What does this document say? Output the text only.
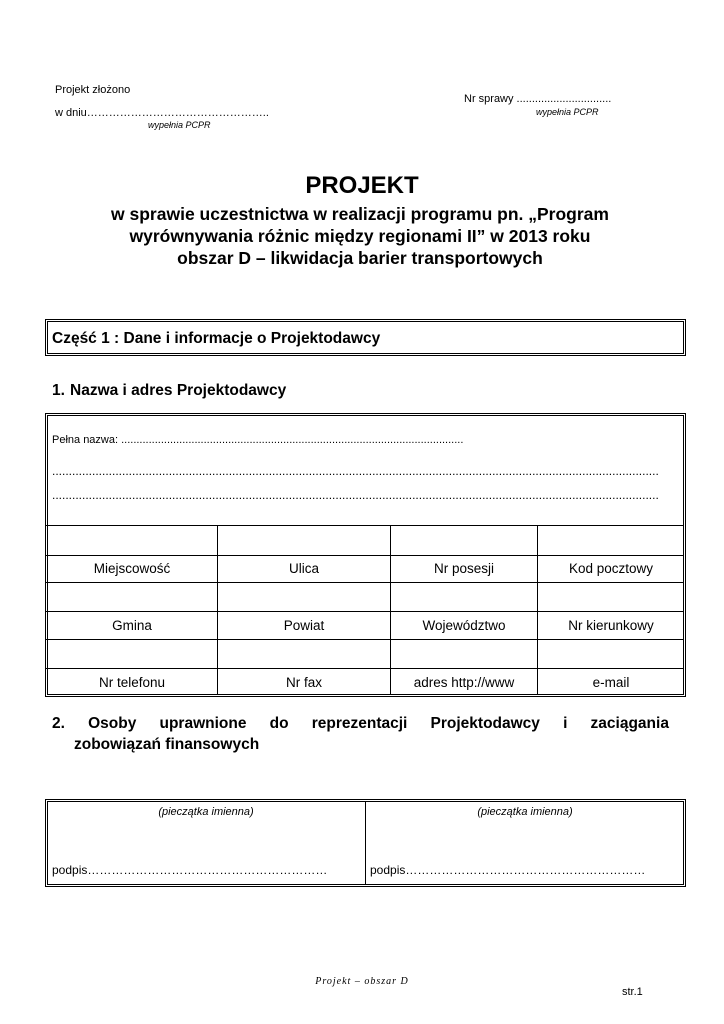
Projekt złożono
w dniu…………………………………………..
wypełnia PCPR
Nr sprawy ...............................
wypełnia PCPR
PROJEKT
w sprawie uczestnictwa w realizacji programu pn. „Program
wyrównywania różnic między regionami II” w 2013 roku
obszar D – likwidacja barier transportowych
Część 1 : Dane i informacje o Projektodawcy
1. Nazwa i adres Projektodawcy
Pełna nazwa: ................................................................................................................
......................................................................................................................................................................................
......................................................................................................................................................................................
Miejscowość	Ulica	Nr posesji	Kod pocztowy
Gmina	Powiat	Województwo	Nr kierunkowy
Nr telefonu	Nr fax	adres http://www	e-mail
2. Osoby uprawnione do reprezentacji Projektodawcy i zaciągania
zobowiązań finansowych
(pieczątka imienna)	(pieczątka imienna)
podpis……………………………………………………	podpis……………………………………………………
Projekt – obszar D
str.1
